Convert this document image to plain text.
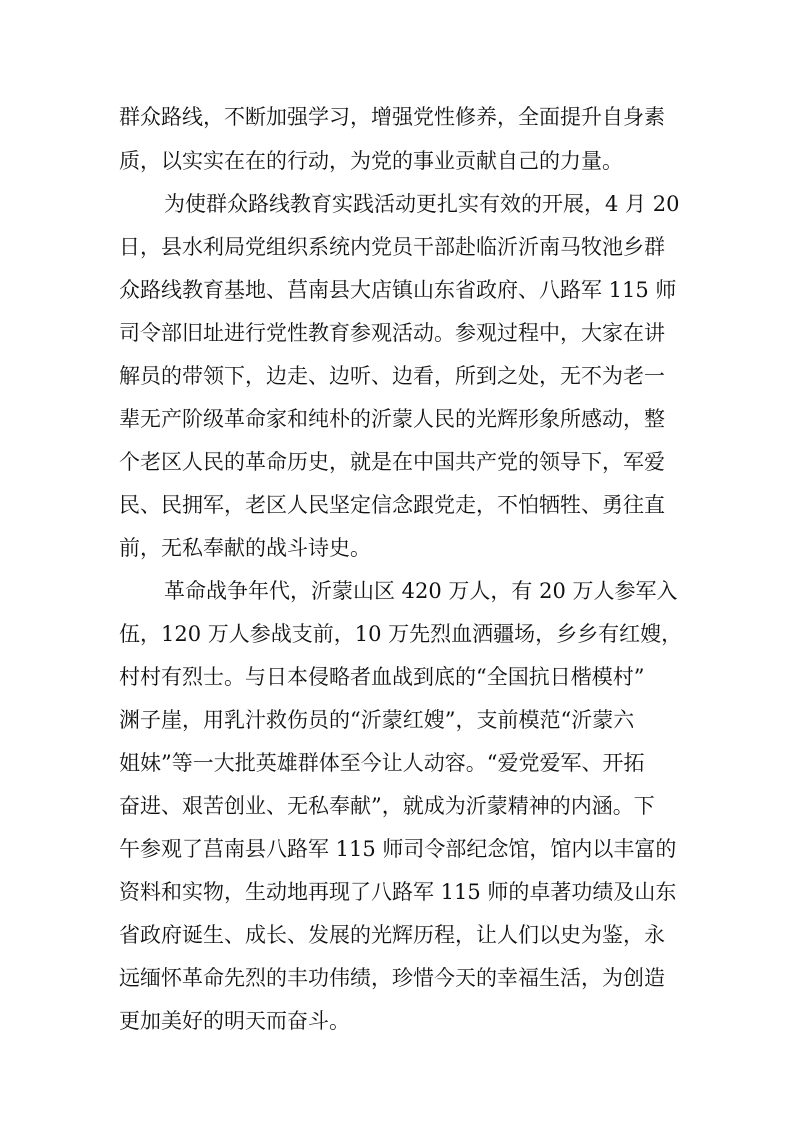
群众路线，不断加强学习，增强党性修养，全面提升自身素

质，以实实在在的行动，为党的事业贡献自己的力量。

为使群众路线教育实践活动更扎实有效的开展，4 月 20

日，县水利局党组织系统内党员干部赴临沂沂南马牧池乡群

众路线教育基地、莒南县大店镇山东省政府、八路军 115 师

司令部旧址进行党性教育参观活动。参观过程中，大家在讲

解员的带领下，边走、边听、边看，所到之处，无不为老一

辈无产阶级革命家和纯朴的沂蒙人民的光辉形象所感动，整

个老区人民的革命历史，就是在中国共产党的领导下，军爱

民、民拥军，老区人民坚定信念跟党走，不怕牺牲、勇往直

前，无私奉献的战斗诗史。

革命战争年代，沂蒙山区 420 万人，有 20 万人参军入

伍，120 万人参战支前，10 万先烈血洒疆场，乡乡有红嫂，

村村有烈士。与日本侵略者血战到底的“全国抗日楷模村”

渊子崖，用乳汁救伤员的“沂蒙红嫂”，支前模范“沂蒙六

姐妹”等一大批英雄群体至今让人动容。“爱党爱军、开拓

奋进、艰苦创业、无私奉献”，就成为沂蒙精神的内涵。下

午参观了莒南县八路军 115 师司令部纪念馆，馆内以丰富的

资料和实物，生动地再现了八路军 115 师的卓著功绩及山东

省政府诞生、成长、发展的光辉历程，让人们以史为鉴，永

远缅怀革命先烈的丰功伟绩，珍惜今天的幸福生活，为创造

更加美好的明天而奋斗。
